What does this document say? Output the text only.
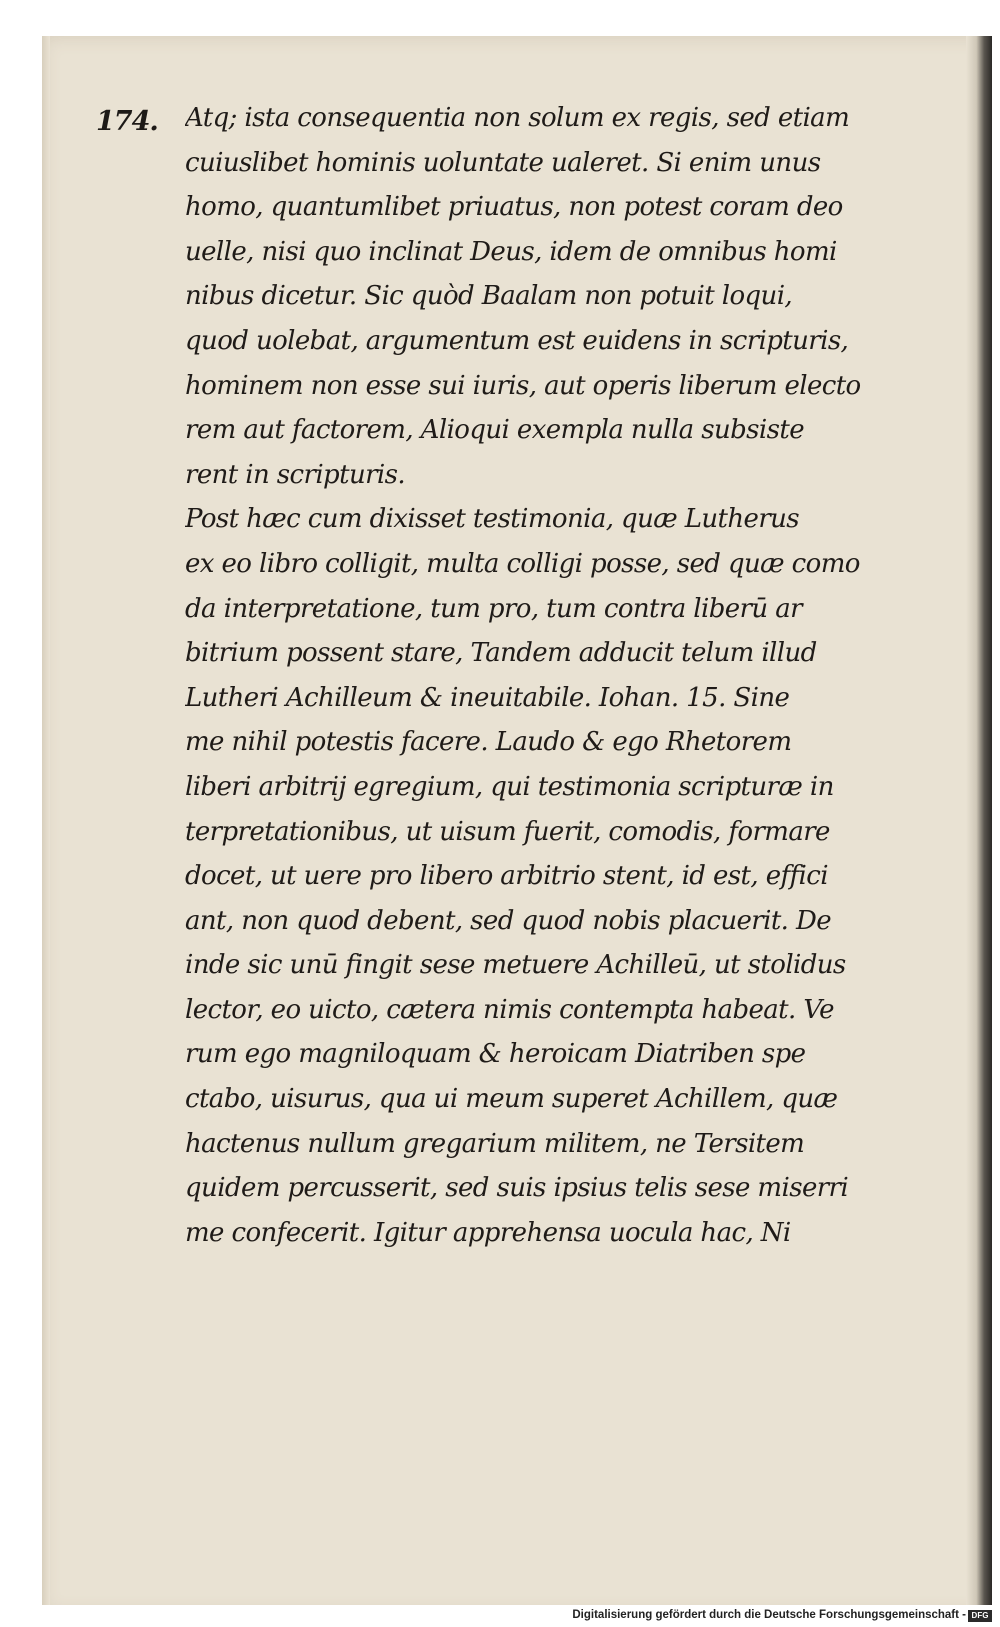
174. Atq; ista consequentia non solum ex regis, sed etiam
cuiuslibet hominis uoluntate ualeret. Si enim unus
homo, quantumlibet priuatus, non potest coram deo
uelle, nisi quo inclinat Deus, idem de omnibus homi
nibus dicetur. Sic quòd Baalam non potuit loqui,
quod uolebat, argumentum est euidens in scripturis,
hominem non esse sui iuris, aut operis liberum electo
rem aut factorem, Alioqui exempla nulla subsiste
rent in scripturis.
Post hæc cum dixisset testimonia, quæ Lutherus
ex eo libro colligit, multa colligi posse, sed quæ como
da interpretatione, tum pro, tum contra liberū ar
bitrium possent stare, Tandem adducit telum illud
Lutheri Achilleum & ineuitabile. Iohan. 15. Sine
me nihil potestis facere. Laudo & ego Rhetorem
liberi arbitrij egregium, qui testimonia scripturæ in
terpretationibus, ut uisum fuerit, comodis, formare
docet, ut uere pro libero arbitrio stent, id est, effici
ant, non quod debent, sed quod nobis placuerit. De
inde sic unū fingit sese metuere Achilleū, ut stolidus
lector, eo uicto, cætera nimis contempta habeat. Ve
rum ego magniloquam & heroicam Diatriben spe
ctabo, uisurus, qua ui meum superet Achillem, quæ
hactenus nullum gregarium militem, ne Tersitem
quidem percusserit, sed suis ipsius telis sese miserri
me confecerit. Igitur apprehensa uocula hac, Ni
Digitalisierung gefördert durch die Deutsche Forschungsgemeinschaft - DFG
